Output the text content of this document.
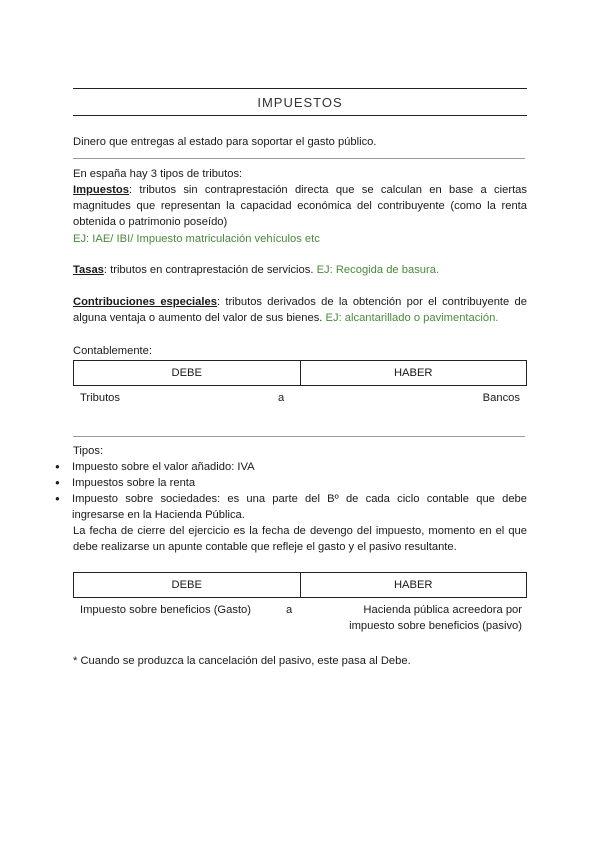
IMPUESTOS
Dinero que entregas al estado para soportar el gasto público.
En españa hay 3 tipos de tributos:
Impuestos: tributos sin contraprestación directa que se calculan en base a ciertas magnitudes que representan la capacidad económica del contribuyente (como la renta obtenida o patrimonio poseído)
EJ: IAE/ IBI/ Impuesto matriculación vehículos etc
Tasas: tributos en contraprestación de servicios. EJ: Recogida de basura.
Contribuciones especiales: tributos derivados de la obtención por el contribuyente de alguna ventaja o aumento del valor de sus bienes. EJ: alcantarillado o pavimentación.
Contablemente:
DEBE	HABER
Tributos	a	Bancos
Tipos:
● Impuesto sobre el valor añadido: IVA
● Impuestos sobre la renta
● Impuesto sobre sociedades: es una parte del Bº de cada ciclo contable que debe ingresarse en la Hacienda Pública.
La fecha de cierre del ejercicio es la fecha de devengo del impuesto, momento en el que debe realizarse un apunte contable que refleje el gasto y el pasivo resultante.
DEBE	HABER
Impuesto sobre beneficios (Gasto)	a	Hacienda pública acreedora por impuesto sobre beneficios (pasivo)
* Cuando se produzca la cancelación del pasivo, este pasa al Debe.
